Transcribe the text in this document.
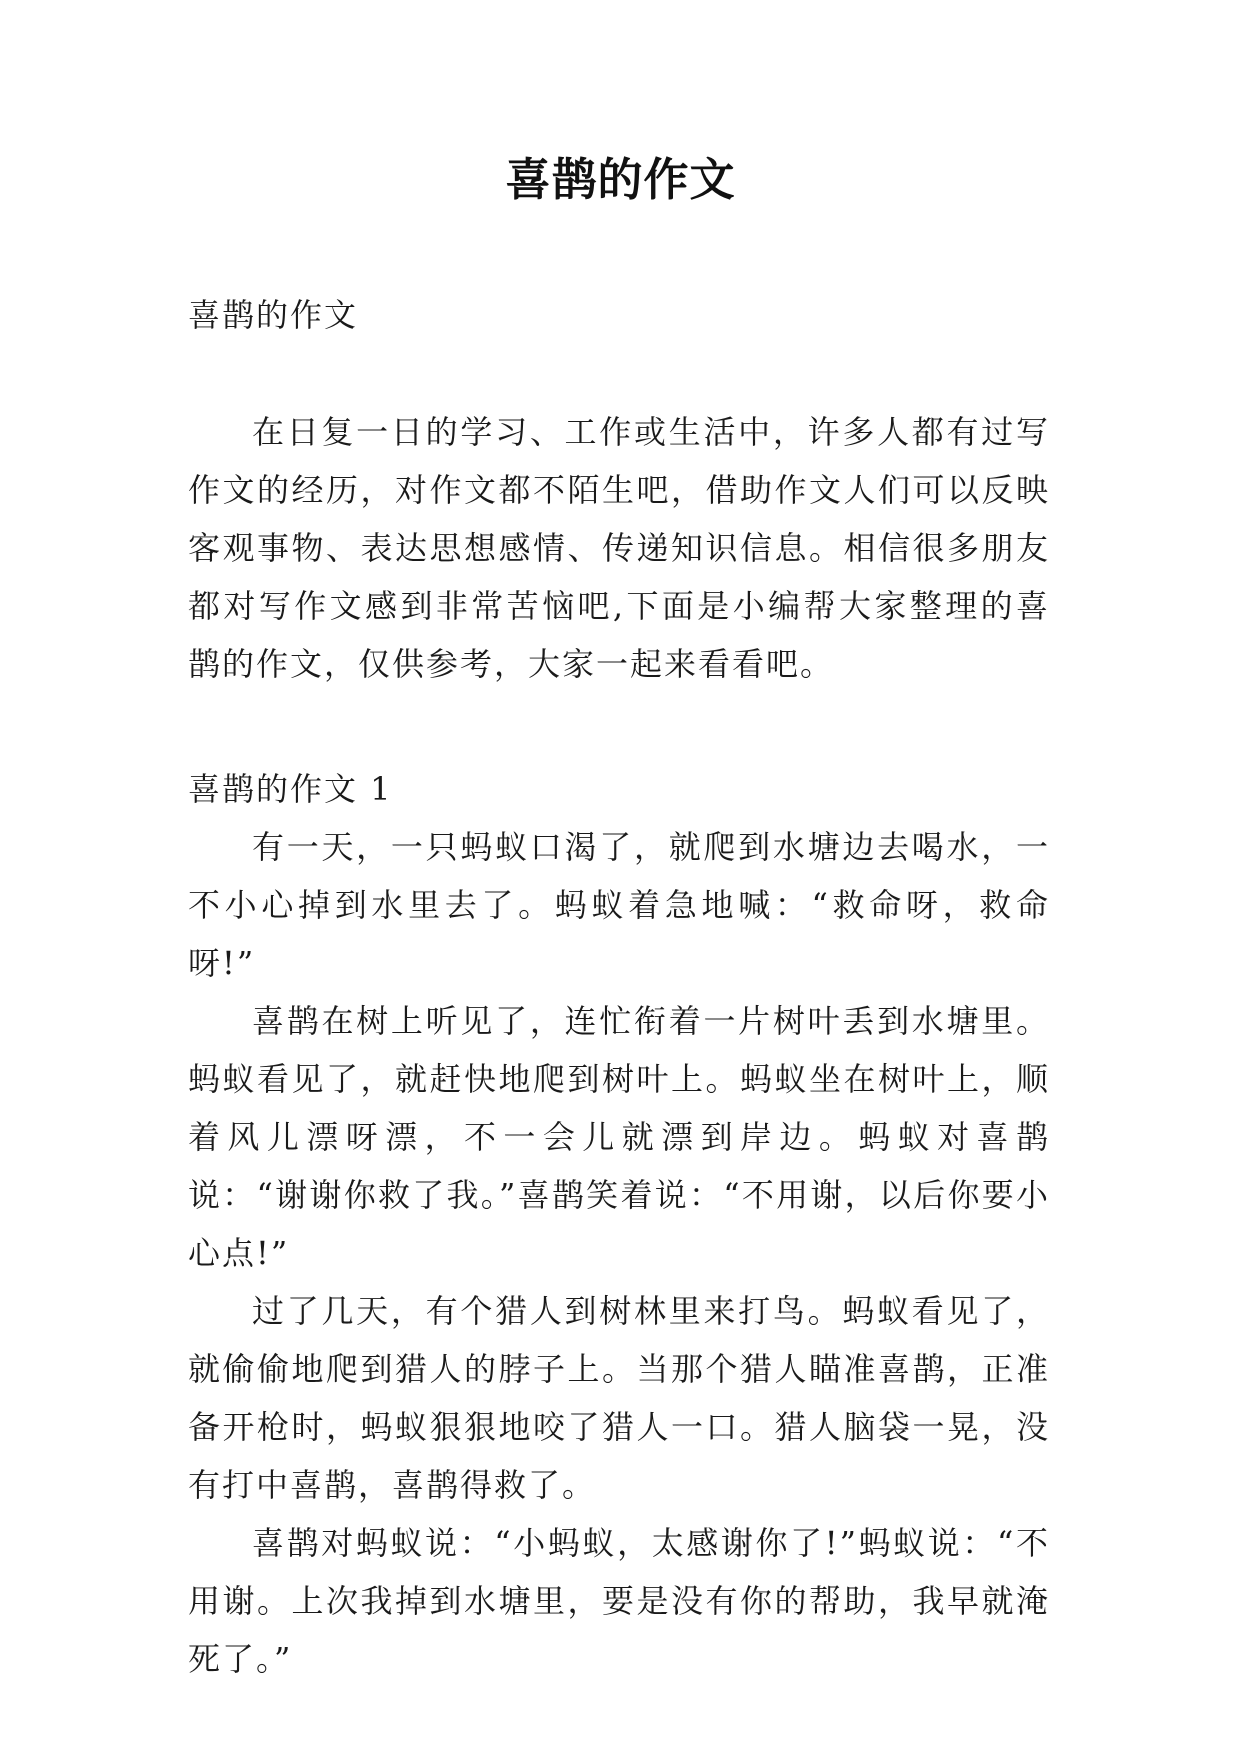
喜鹊的作文
喜鹊的作文

在日复一日的学习、工作或生活中，许多人都有过写作文的经历，对作文都不陌生吧，借助作文人们可以反映客观事物、表达思想感情、传递知识信息。相信很多朋友都对写作文感到非常苦恼吧,下面是小编帮大家整理的喜鹊的作文，仅供参考，大家一起来看看吧。

喜鹊的作文 1

有一天，一只蚂蚁口渴了，就爬到水塘边去喝水，一不小心掉到水里去了。蚂蚁着急地喊：“救命呀，救命呀!”

喜鹊在树上听见了，连忙衔着一片树叶丢到水塘里。蚂蚁看见了，就赶快地爬到树叶上。蚂蚁坐在树叶上，顺着风儿漂呀漂，不一会儿就漂到岸边。蚂蚁对喜鹊说：“谢谢你救了我。”喜鹊笑着说：“不用谢，以后你要小心点!”

过了几天，有个猎人到树林里来打鸟。蚂蚁看见了，就偷偷地爬到猎人的脖子上。当那个猎人瞄准喜鹊，正准备开枪时，蚂蚁狠狠地咬了猎人一口。猎人脑袋一晃，没有打中喜鹊，喜鹊得救了。

喜鹊对蚂蚁说：“小蚂蚁，太感谢你了!”蚂蚁说：“不用谢。上次我掉到水塘里，要是没有你的帮助，我早就淹死了。”
